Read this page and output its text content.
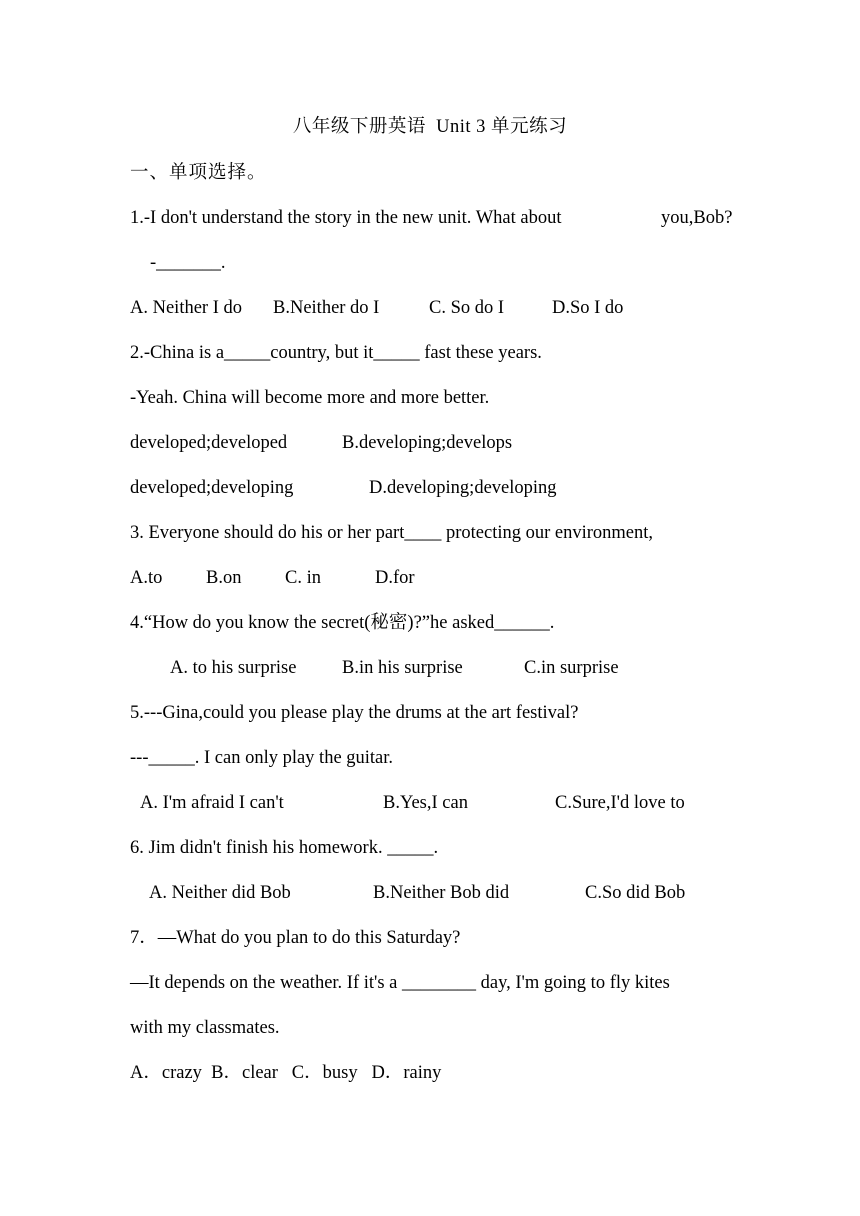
八年级下册英语  Unit 3 单元练习
一、单项选择。
1.-I don't understand the story in the new unit. What about	you,Bob?
-_______.
A. Neither I do B.Neither do I	C. So do I	D.So I do
2.-China is a_____country, but it_____ fast these years.
-Yeah. China will become more and more better.
developed;developed	B.developing;develops
developed;developing	D.developing;developing
3. Everyone should do his or her part____ protecting our environment,
A.to B.on C. in	D.for
4.“How do you know the secret(秘密)?”he asked______.
A. to his surprise B.in his surprise	C.in surprise
5.---Gina,could you please play the drums at the art festival?
---_____. I can only play the guitar.
A. I'm afraid I can't	B.Yes,I can	C.Sure,I'd love to
6. Jim didn't finish his homework. _____.
A. Neither did Bob	B.Neither Bob did	C.So did Bob
7．—What do you plan to do this Saturday?
—It depends on the weather. If it's a ________ day, I'm going to fly kites
with my classmates.
A．crazy  B．clear   C．busy   D．rainy
